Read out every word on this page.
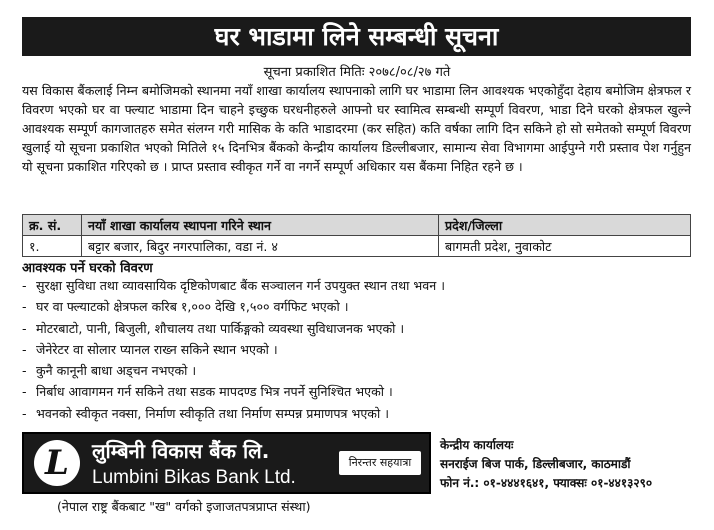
घर भाडामा लिने सम्बन्धी सूचना
सूचना प्रकाशित मितिः २०७८/०८/२७ गते

यस विकास बैंकलाई निम्न बमोजिमको स्थानमा नयाँ शाखा कार्यालय स्थापनाको लागि घर भाडामा लिन आवश्यक भएकोहुँदा देहाय बमोजिम क्षेत्रफल र विवरण भएको घर वा फ्ल्याट भाडामा दिन चाहने इच्छुक घरधनीहरुले आफ्नो घर स्वामित्व सम्बन्धी सम्पूर्ण विवरण, भाडा दिने घरको क्षेत्रफल खुल्ने आवश्यक सम्पूर्ण कागजातहरु समेत संलग्न गरी मासिक के कति भाडादरमा (कर सहित) कति वर्षका लागि दिन सकिने हो सो समेतको सम्पूर्ण विवरण खुलाई यो सूचना प्रकाशित भएको मितिले १५ दिनभित्र बैंकको केन्द्रीय कार्यालय डिल्लीबजार, सामान्य सेवा विभागमा आईपुग्ने गरी प्रस्ताव पेश गर्नुहुन यो सूचना प्रकाशित गरिएको छ । प्राप्त प्रस्ताव स्वीकृत गर्ने वा नगर्ने सम्पूर्ण अधिकार यस बैंकमा निहित रहने छ ।

क्र. सं.	नयाँ शाखा कार्यालय स्थापना गरिने स्थान	प्रदेश/जिल्ला
१.	बट्टार बजार, बिदुर नगरपालिका, वडा नं. ४	बागमती प्रदेश, नुवाकोट
आवश्यक पर्ने घरको विवरण
- सुरक्षा सुविधा तथा व्यावसायिक दृष्टिकोणबाट बैंक सञ्चालन गर्न उपयुक्त स्थान तथा भवन ।
- घर वा फ्ल्याटको क्षेत्रफल करिब १,००० देखि १,५०० वर्गफिट भएको ।
- मोटरबाटो, पानी, बिजुली, शौचालय तथा पार्किङ्गको व्यवस्था सुविधाजनक भएको ।
- जेनेरेटर वा सोलार प्यानल राख्न सकिने स्थान भएको ।
- कुनै कानूनी बाधा अड्चन नभएको ।
- निर्बाध आवागमन गर्न सकिने तथा सडक मापदण्ड भित्र नपर्ने सुनिश्चित भएको ।
- भवनको स्वीकृत नक्सा, निर्माण स्वीकृति तथा निर्माण सम्पन्न प्रमाणपत्र भएको ।
L	लुम्बिनी विकास बैंक लि.
Lumbini Bikas Bank Ltd.
निरन्तर सहयात्रा
केन्द्रीय कार्यालयः
सनराईज बिज पार्क, डिल्लीबजार, काठमाडौं
फोन नं.: ०१-४४४१६४१, फ्याक्सः ०१-४४१३२९०
(नेपाल राष्ट्र बैंकबाट "ख" वर्गको इजाजतपत्रप्राप्त संस्था)
